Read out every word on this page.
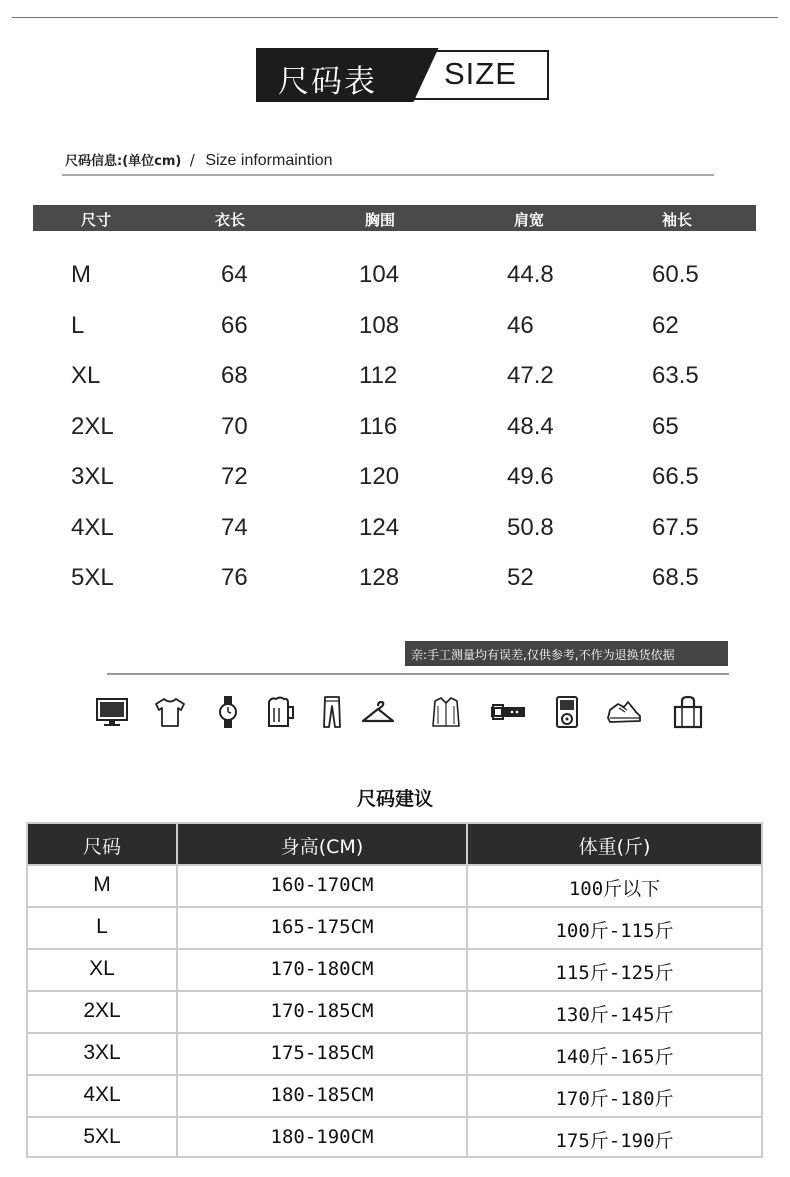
尺码表 SIZE
尺码信息:(单位cm) / Size informaintion
尺寸	衣长	胸围	肩宽	袖长
M	64	104	44.8	60.5
L	66	108	46	62
XL	68	112	47.2	63.5
2XL	70	116	48.4	65
3XL	72	120	49.6	66.5
4XL	74	124	50.8	67.5
5XL	76	128	52	68.5
亲:手工测量均有误差,仅供参考,不作为退换货依据
尺码建议
尺码	身高(CM)	体重(斤)
M	160-170CM	100斤以下
L	165-175CM	100斤-115斤
XL	170-180CM	115斤-125斤
2XL	170-185CM	130斤-145斤
3XL	175-185CM	140斤-165斤
4XL	180-185CM	170斤-180斤
5XL	180-190CM	175斤-190斤
